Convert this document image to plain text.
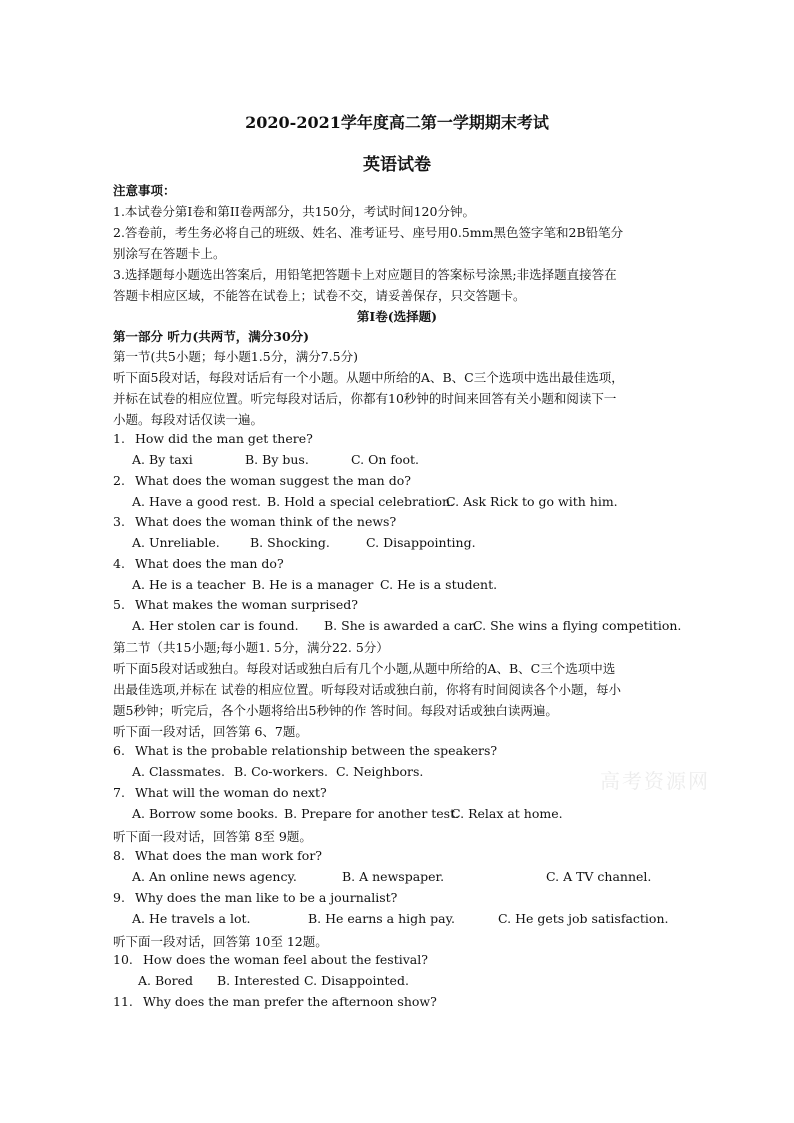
2020-2021学年度高二第一学期期末考试
英语试卷
注意事项：
1.本试卷分第I卷和第II卷两部分，共150分，考试时间120分钟。
2.答卷前，考生务必将自己的班级、姓名、准考证号、座号用0.5mm黑色签字笔和2B铅笔分
别涂写在答题卡上。
3.选择题每小题选出答案后，用铅笔把答题卡上对应题目的答案标号涂黑;非选择题直接答在
答题卡相应区域，不能答在试卷上；试卷不交，请妥善保存，只交答题卡。
第I卷(选择题)
第一部分 听力(共两节，满分30分)
第一节(共5小题；每小题1.5分，满分7.5分)
听下面5段对话，每段对话后有一个小题。从题中所给的A、B、C三个选项中选出最佳选项，
并标在试卷的相应位置。听完每段对话后，你都有10秒钟的时间来回答有关小题和阅读下一
小题。每段对话仅读一遍。
1. How did the man get there?
A. By taxi	B. By bus.	C. On foot.
2. What does the woman suggest the man do?
A. Have a good rest. B. Hold a special celebration.
C. Ask Rick to go with him.
3. What does the woman think of the news?
A. Unreliable. B. Shocking.	C. Disappointing.
4. What does the man do?
A. He is a teacher B. He is a manager C. He is a student.
5. What makes the woman surprised?
A. Her stolen car is found. B. She is awarded a car.
C. She wins a flying competition.
第二节（共15小题;每小题1. 5分，满分22. 5分）
听下面5段对话或独白。每段对话或独白后有几个小题,从题中所给的A、B、C三个选项中选
出最佳选项,并标在 试卷的相应位置。听每段对话或独白前，你将有时间阅读各个小题，每小
题5秒钟；听完后，各个小题将给出5秒钟的作 答时间。每段对话或独白读两遍。
听下面一段对话，回答第 6、7题。
6. What is the probable relationship between the speakers?
A. Classmates. B. Co-workers. C. Neighbors.
7. What will the woman do next?
A. Borrow some books. B. Prepare for another test.
C. Relax at home.
听下面一段对话，回答第 8至 9题。
8. What does the man work for?
A. An online news agency.	B. A newspaper.	C. A TV channel.
9. Why does the man like to be a journalist?
A. He travels a lot.	B. He earns a high pay.	C. He gets job satisfaction.
听下面一段对话，回答第 10至 12题。
10. How does the woman feel about the festival?
A. Bored B. Interested C. Disappointed.
11. Why does the man prefer the afternoon show?
高考资源网
